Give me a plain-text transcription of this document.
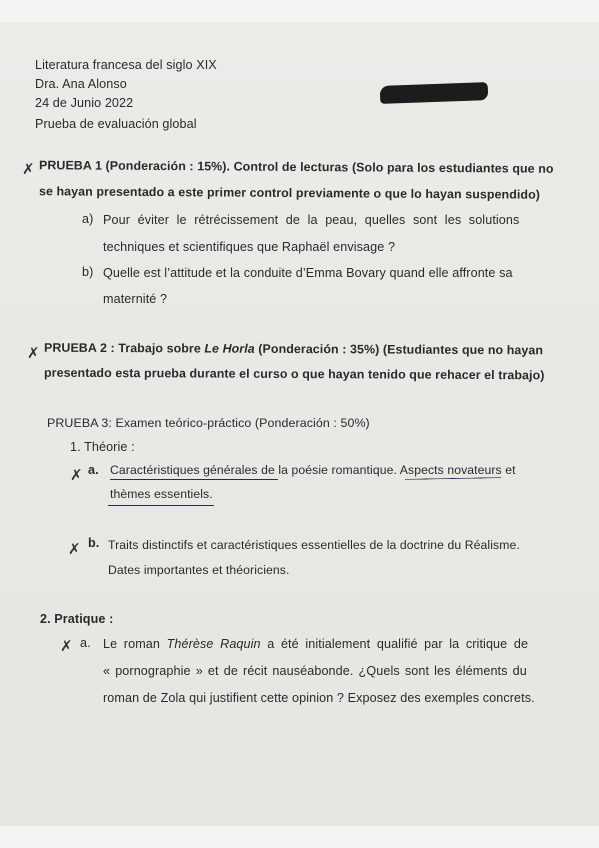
Literatura francesa del siglo XIX
Dra. Ana Alonso
24 de Junio 2022
Prueba de evaluación global
✗ PRUEBA 1 (Ponderación : 15%). Control de lecturas (Solo para los estudiantes que no
se hayan presentado a este primer control previamente o que lo hayan suspendido)
a) Pour éviter le rétrécissement de la peau, quelles sont les solutions
techniques et scientifiques que Raphaël envisage ?
b) Quelle est l’attitude et la conduite d’Emma Bovary quand elle affronte sa
maternité ?
✗ PRUEBA 2 : Trabajo sobre Le Horla (Ponderación : 35%) (Estudiantes que no hayan
presentado esta prueba durante el curso o que hayan tenido que rehacer el trabajo)
PRUEBA 3: Examen teórico-práctico (Ponderación : 50%)
1. Théorie :
✗ a. Caractéristiques générales de la poésie romantique. Aspects novateurs et
thèmes essentiels.
✗ b. Traits distinctifs et caractéristiques essentielles de la doctrine du Réalisme.
Dates importantes et théoriciens.
2. Pratique :
✗ a. Le roman Thérèse Raquin a été initialement qualifié par la critique de
« pornographie » et de récit nauséabonde. ¿Quels sont les éléments du
roman de Zola qui justifient cette opinion ? Exposez des exemples concrets.
